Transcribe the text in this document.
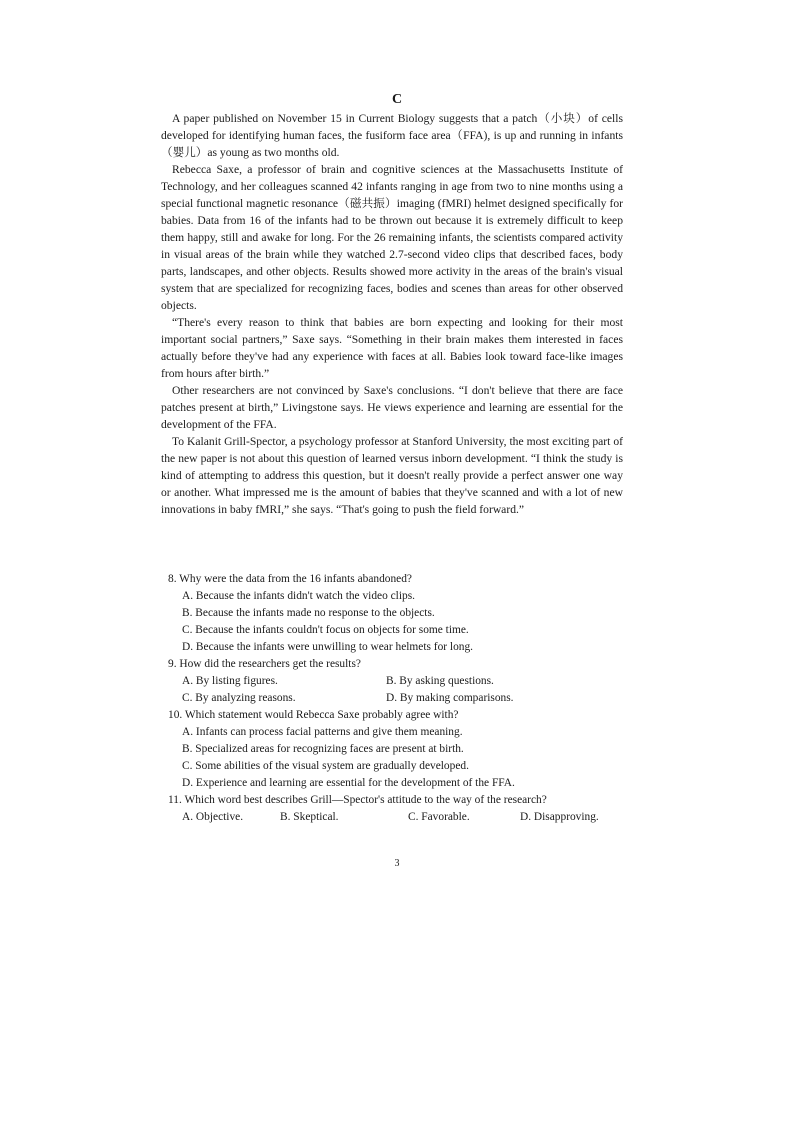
C

A paper published on November 15 in Current Biology suggests that a patch（小块）of cells developed for identifying human faces, the fusiform face area（FFA), is up and running in infants（婴儿）as young as two months old.

Rebecca Saxe, a professor of brain and cognitive sciences at the Massachusetts Institute of Technology, and her colleagues scanned 42 infants ranging in age from two to nine months using a special functional magnetic resonance（磁共振）imaging (fMRI) helmet designed specifically for babies. Data from 16 of the infants had to be thrown out because it is extremely difficult to keep them happy, still and awake for long. For the 26 remaining infants, the scientists compared activity in visual areas of the brain while they watched 2.7-second video clips that described faces, body parts, landscapes, and other objects. Results showed more activity in the areas of the brain's visual system that are specialized for recognizing faces, bodies and scenes than areas for other observed objects.

“There's every reason to think that babies are born expecting and looking for their most important social partners,” Saxe says. “Something in their brain makes them interested in faces actually before they've had any experience with faces at all. Babies look toward face-like images from hours after birth.”

Other researchers are not convinced by Saxe's conclusions. “I don't believe that there are face patches present at birth,” Livingstone says. He views experience and learning are essential for the development of the FFA.

To Kalanit Grill-Spector, a psychology professor at Stanford University, the most exciting part of the new paper is not about this question of learned versus inborn development. “I think the study is kind of attempting to address this question, but it doesn't really provide a perfect answer one way or another. What impressed me is the amount of babies that they've scanned and with a lot of new innovations in baby fMRI,” she says. “That's going to push the field forward.”

8. Why were the data from the 16 infants abandoned?

A. Because the infants didn't watch the video clips.

B. Because the infants made no response to the objects.

C. Because the infants couldn't focus on objects for some time.

D. Because the infants were unwilling to wear helmets for long.

9. How did the researchers get the results?

A. By listing figures.	B. By asking questions.
C. By analyzing reasons.	D. By making comparisons.

10. Which statement would Rebecca Saxe probably agree with?

A. Infants can process facial patterns and give them meaning.

B. Specialized areas for recognizing faces are present at birth.

C. Some abilities of the visual system are gradually developed.

D. Experience and learning are essential for the development of the FFA.

11. Which word best describes Grill—Spector's attitude to the way of the research?

A. Objective.	B. Skeptical.	C. Favorable.	D. Disapproving.
3
